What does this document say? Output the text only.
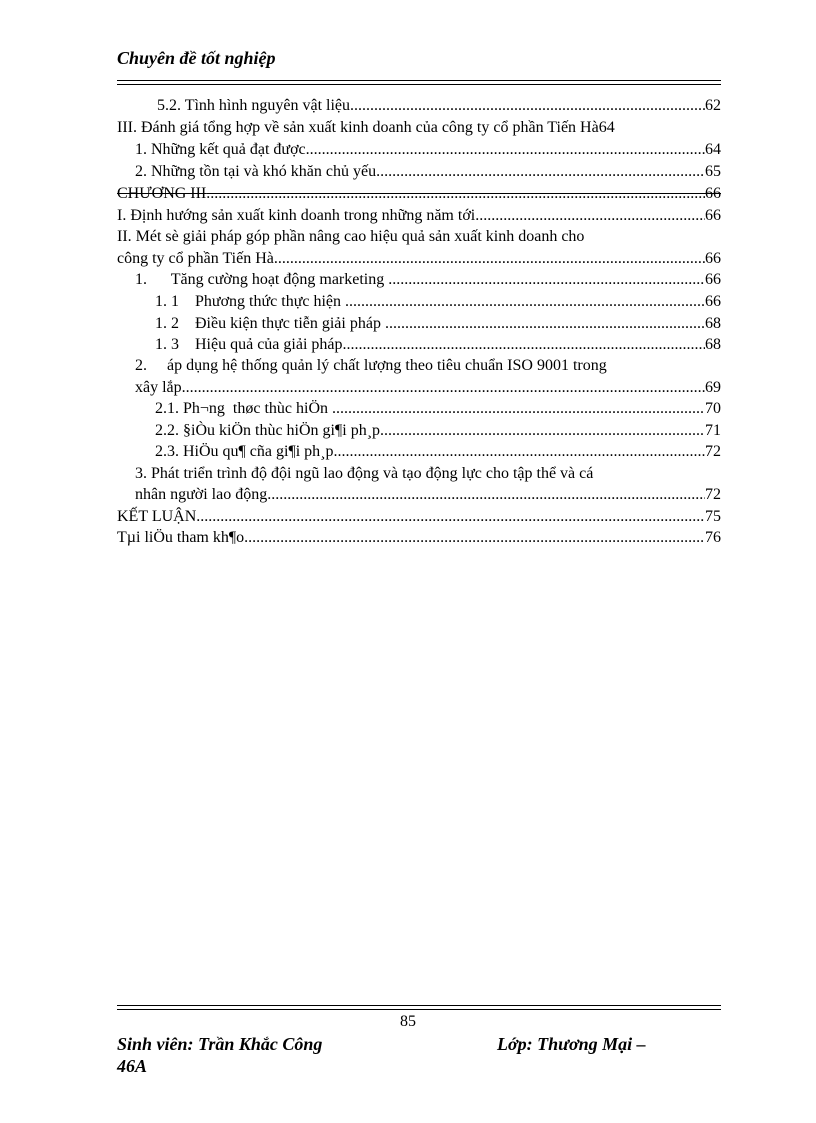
Chuyên đề tốt nghiệp
5.2. Tình hình nguyên vật liệu .....	62
III. Đánh giá tổng hợp về sản xuất kinh doanh của công ty cổ phần Tiến Hà 64
1. Những kết quả đạt được .....	64
2. Những tồn tại và khó khăn chủ yếu .....	65
CHƯƠNG III .....	66
I. Định hướng sản xuất kinh doanh trong những năm tới .....	66
II. Mét sè giải pháp góp phần nâng cao hiệu quả sản xuất kinh doanh cho
công ty cổ phần Tiến Hà. .....	66
1.      Tăng cường hoạt động marketing .....	66
1. 1    Phương thức thực hiện .....	66
1. 2    Điều kiện thực tiễn giải pháp .....	68
1. 3    Hiệu quả của giải pháp .....	68
2.     áp dụng hệ thống quản lý chất lượng theo tiêu chuẩn ISO 9001 trong
xây lắp .....	69
2.1. Ph¬ng  thøc thùc hiÖn .....	70
2.2. §iÒu kiÖn thùc hiÖn gi¶i ph¸p .....	71
2.3. HiÖu qu¶ cña gi¶i ph¸p .....	72
3. Phát triển trình độ đội ngũ lao động và tạo động lực cho tập thể và cá
nhân người lao động .....	72
KẾT LUẬN .....	75
Tµi liÖu tham kh¶o .....	76
85
Sinh viên: Trần Khắc Công	Lớp: Thương Mại –
46A
